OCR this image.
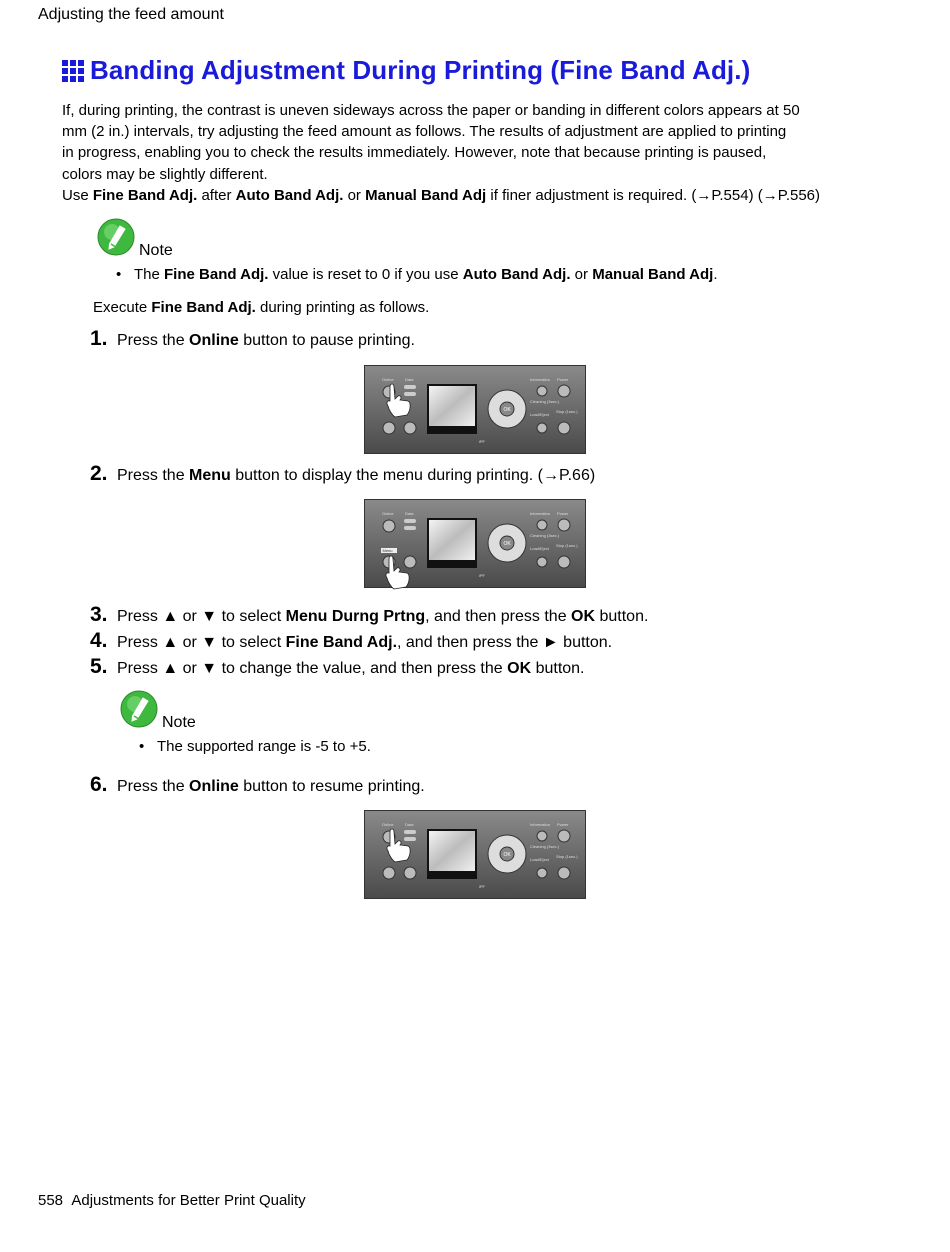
Adjusting the feed amount
Banding Adjustment During Printing (Fine Band Adj.)

If, during printing, the contrast is uneven sideways across the paper or banding in different colors appears at 50

mm (2 in.) intervals, try adjusting the feed amount as follows. The results of adjustment are applied to printing

in progress, enabling you to check the results immediately. However, note that because printing is paused,

colors may be slightly different.

Use Fine Band Adj. after Auto Band Adj. or Manual Band Adj if finer adjustment is required. (→P.554) (→P.556)

Note
• The Fine Band Adj. value is reset to 0 if you use Auto Band Adj. or Manual Band Adj.
Execute Fine Band Adj. during printing as follows.
1. Press the Online button to pause printing.
Online	Data
OK
Information Power
Cleaning (3sec.)
Load/Eject
Stop (1sec.)
iPF
2. Press the Menu button to display the menu during printing. (→P.66)
Online	Data
Menu
OK
Information Power
Cleaning (3sec.)
Load/Eject
Stop (1sec.)
iPF
3. Press ▲ or ▼ to select Menu Durng Prtng, and then press the OK button.
4. Press ▲ or ▼ to select Fine Band Adj., and then press the ► button.
5. Press ▲ or ▼ to change the value, and then press the OK button.
Note
• The supported range is -5 to +5.
6. Press the Online button to resume printing.
Online	Data
OK
Information Power
Cleaning (3sec.)
Load/Eject
Stop (1sec.)
iPF
558 Adjustments for Better Print Quality
